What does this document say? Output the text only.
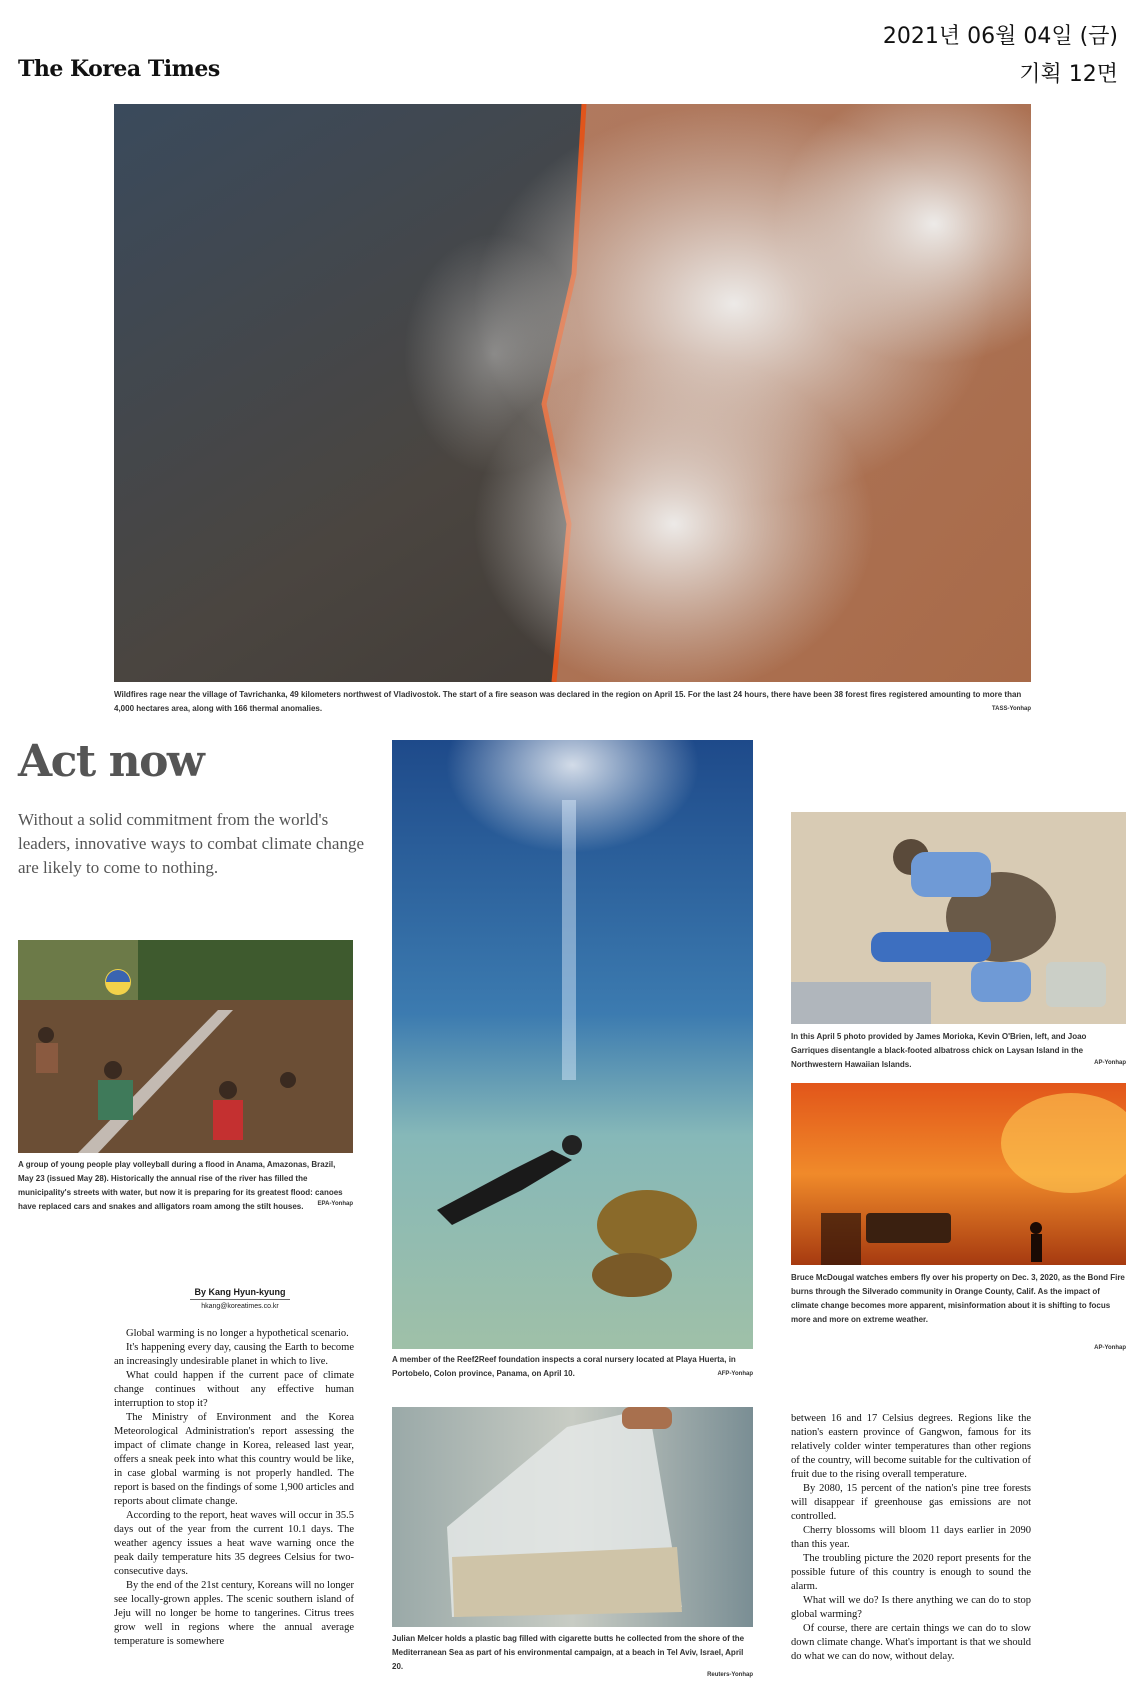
The Korea Times
2021년 06월 04일 (금)
기획 12면
Wildfires rage near the village of Tavrichanka, 49 kilometers northwest of Vladivostok. The start of a fire season was declared in the region on April 15. For the last 24 hours, there have been 38 forest fires registered amounting to more than 4,000 hectares area, along with 166 thermal anomalies.	TASS-Yonhap
Act now
Without a solid commitment from the world's leaders, innovative ways to combat climate change are likely to come to nothing.
A group of young people play volleyball during a flood in Anama, Amazonas, Brazil, May 23 (issued May 28). Historically the annual rise of the river has filled the municipality's streets with water, but now it is preparing for its greatest flood: canoes have replaced cars and snakes and alligators roam among the stilt houses.	EPA-Yonhap
A member of the Reef2Reef foundation inspects a coral nursery located at Playa Huerta, in Portobelo, Colon province, Panama, on April 10.	AFP-Yonhap
In this April 5 photo provided by James Morioka, Kevin O'Brien, left, and Joao Garriques disentangle a black-footed albatross chick on Laysan Island in the Northwestern Hawaiian Islands.	AP-Yonhap
Bruce McDougal watches embers fly over his property on Dec. 3, 2020, as the Bond Fire burns through the Silverado community in Orange County, Calif. As the impact of climate change becomes more apparent, misinformation about it is shifting to focus more and more on extreme weather.
AP-Yonhap
Julian Melcer holds a plastic bag filled with cigarette butts he collected from the shore of the Mediterranean Sea as part of his environmental campaign, at a beach in Tel Aviv, Israel, April 20.
Reuters-Yonhap
By Kang Hyun-kyung
hkang@koreatimes.co.kr

Global warming is no longer a hypothetical scenario.

It's happening every day, causing the Earth to become an increasingly undesirable planet in which to live.

What could happen if the current pace of climate change continues without any effective human interruption to stop it?

The Ministry of Environment and the Korea Meteorological Administration's report assessing the impact of climate change in Korea, released last year, offers a sneak peek into what this country would be like, in case global warming is not properly handled. The report is based on the findings of some 1,900 articles and reports about climate change.

According to the report, heat waves will occur in 35.5 days out of the year from the current 10.1 days. The weather agency issues a heat wave warning once the peak daily temperature hits 35 degrees Celsius for two-consecutive days.

By the end of the 21st century, Koreans will no longer see locally-grown apples. The scenic southern island of Jeju will no longer be home to tangerines. Citrus trees grow well in regions where the annual average temperature is somewhere

between 16 and 17 Celsius degrees. Regions like the nation's eastern province of Gangwon, famous for its relatively colder winter temperatures than other regions of the country, will become suitable for the cultivation of fruit due to the rising overall temperature.

By 2080, 15 percent of the nation's pine tree forests will disappear if greenhouse gas emissions are not controlled.

Cherry blossoms will bloom 11 days earlier in 2090 than this year.

The troubling picture the 2020 report presents for the possible future of this country is enough to sound the alarm.

What will we do? Is there anything we can do to stop global warming?

Of course, there are certain things we can do to slow down climate change. What's important is that we should do what we can do now, without delay.
